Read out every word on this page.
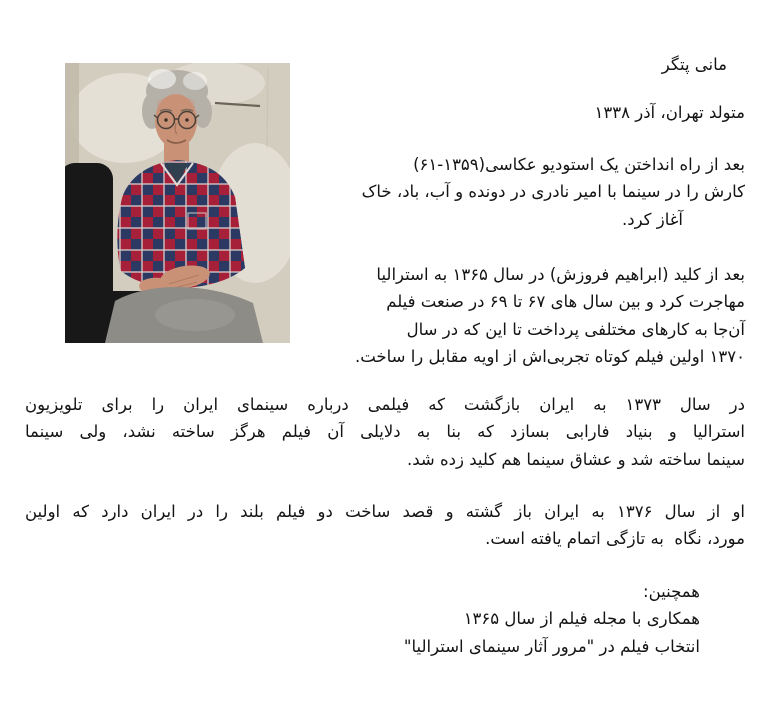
مانی پتگر
متولد تهران، آذر ۱۳۳۸
بعد از راه انداختن یک استودیو عکاسی(۱۳۵۹‏-‏۶۱)
کارش را در سینما با امیر نادری در دونده و آب، باد، خاک
آغاز کرد.
بعد از کلید (ابراهیم فروزش) در سال ۱۳۶۵ به استرالیا
مهاجرت کرد و بین سال های ۶۷ تا ۶۹ در صنعت فیلم
آن‌جا به کارهای مختلفی پرداخت تا این که در سال
۱۳۷۰ اولین فیلم کوتاه تجربی‌اش از اویه مقابل را ساخت.
در سال ۱۳۷۳ به ایران بازگشت که فیلمی درباره سینمای ایران را برای تلویزیون
استرالیا و بنیاد فارابی بسازد که بنا به دلایلی آن فیلم هرگز ساخته نشد، ولی سینما
سینما ساخته شد و عشاق سینما هم کلید زده شد.
او از سال ۱۳۷۶ به ایران باز گشته و قصد ساخت دو فیلم بلند را در ایران دارد که اولین
مورد، نگاه  به تازگی اتمام یافته است.
همچنین:
همکاری با مجله فیلم از سال ۱۳۶۵
انتخاب فیلم در "مرور آثار سینمای استرالیا"
